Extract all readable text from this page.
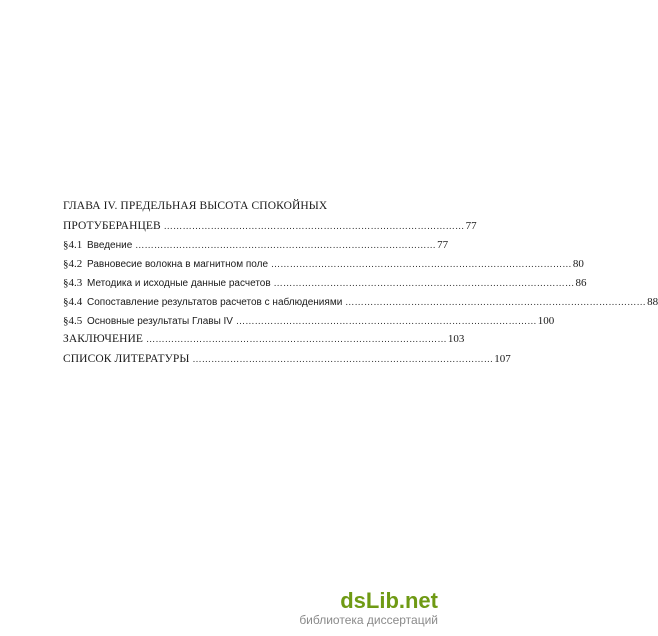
ГЛАВА IV. ПРЕДЕЛЬНАЯ ВЫСОТА СПОКОЙНЫХ
ПРОТУБЕРАНЦЕВ …………………………………………………………………………………… 77
§4.1 Введение …………………………………………………………………………………… 77
§4.2 Равновесие волокна в магнитном поле …………………………………………………………………………………… 80
§4.3 Методика и исходные данные расчетов …………………………………………………………………………………… 86
§4.4 Сопоставление результатов расчетов с наблюдениями …………………………………………………………………………………… 88
§4.5 Основные результаты Главы IV …………………………………………………………………………………… 100
ЗАКЛЮЧЕНИЕ …………………………………………………………………………………… 103
СПИСОК ЛИТЕРАТУРЫ …………………………………………………………………………………… 107
dsLib.net
библиотека диссертаций
